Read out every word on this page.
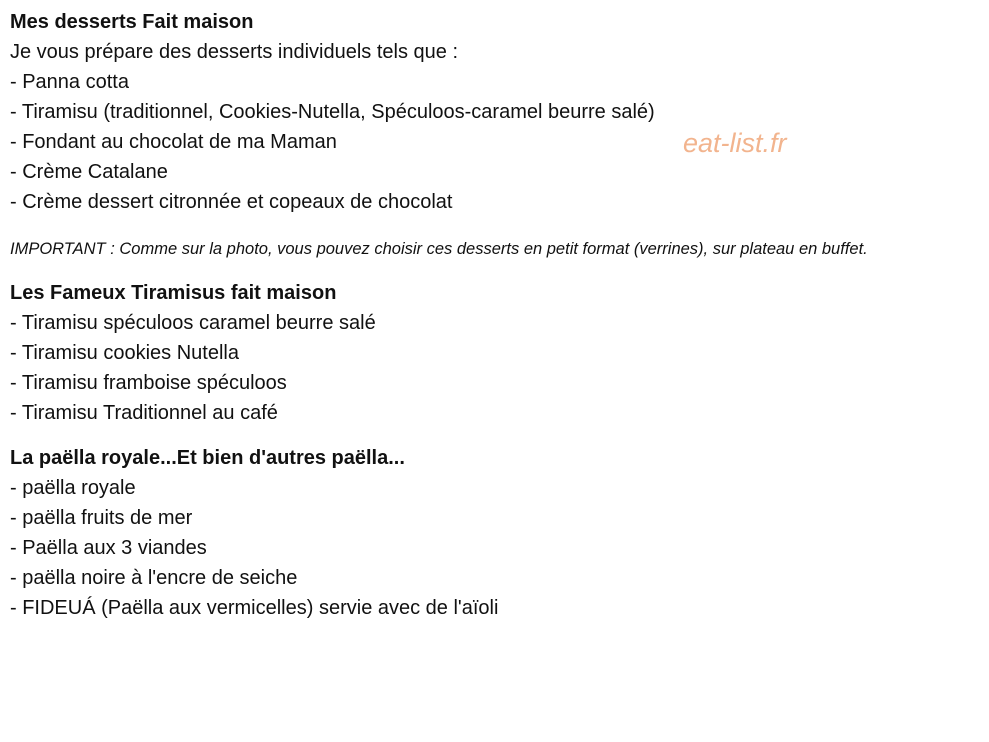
Mes desserts Fait maison
Je vous prépare des desserts individuels tels que :
- Panna cotta
- Tiramisu (traditionnel, Cookies-Nutella, Spéculoos-caramel beurre salé)
- Fondant au chocolat de ma Maman
- Crème Catalane
- Crème dessert citronnée et copeaux de chocolat
IMPORTANT : Comme sur la photo, vous pouvez choisir ces desserts en petit format (verrines), sur plateau en buffet.
Les Fameux Tiramisus fait maison
- Tiramisu spéculoos caramel beurre salé
- Tiramisu cookies Nutella
- Tiramisu framboise spéculoos
- Tiramisu Traditionnel au café
La paëlla royale...Et bien d'autres paëlla...
- paëlla royale
- paëlla fruits de mer
- Paëlla aux 3 viandes
- paëlla noire à l'encre de seiche
- FIDEUÁ (Paëlla aux vermicelles) servie avec de l'aïoli
eat-list.fr
